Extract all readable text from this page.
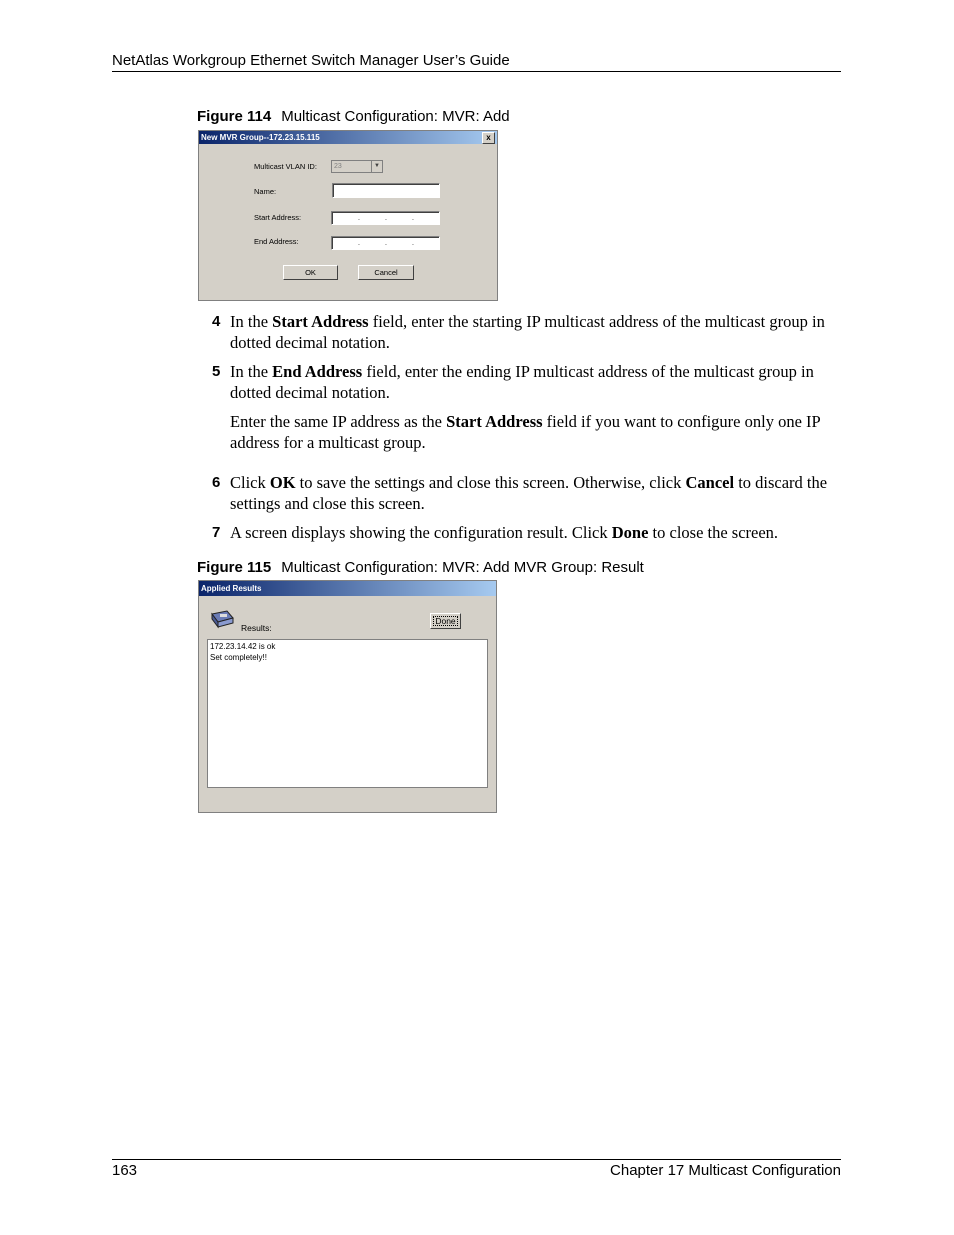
NetAtlas Workgroup Ethernet Switch Manager User’s Guide
Figure 114 Multicast Configuration: MVR: Add
New MVR Group--172.23.15.115	x
Multicast VLAN ID:	23	▼
Name:
Start Address:	.	.	.
End Address:	.	.	.
OK	Cancel
4 In the Start Address field, enter the starting IP multicast address of the multicast group in dotted decimal notation.
5 In the End Address field, enter the ending IP multicast address of the multicast group in dotted decimal notation.
Enter the same IP address as the Start Address field if you want to configure only one IP address for a multicast group.
6 Click OK to save the settings and close this screen. Otherwise, click Cancel to discard the settings and close this screen.
7 A screen displays showing the configuration result. Click Done to close the screen.
Figure 115 Multicast Configuration: MVR: Add MVR Group: Result
Applied Results
Results:
Done
172.23.14.42 is ok
Set completely!!
163	Chapter 17 Multicast Configuration
